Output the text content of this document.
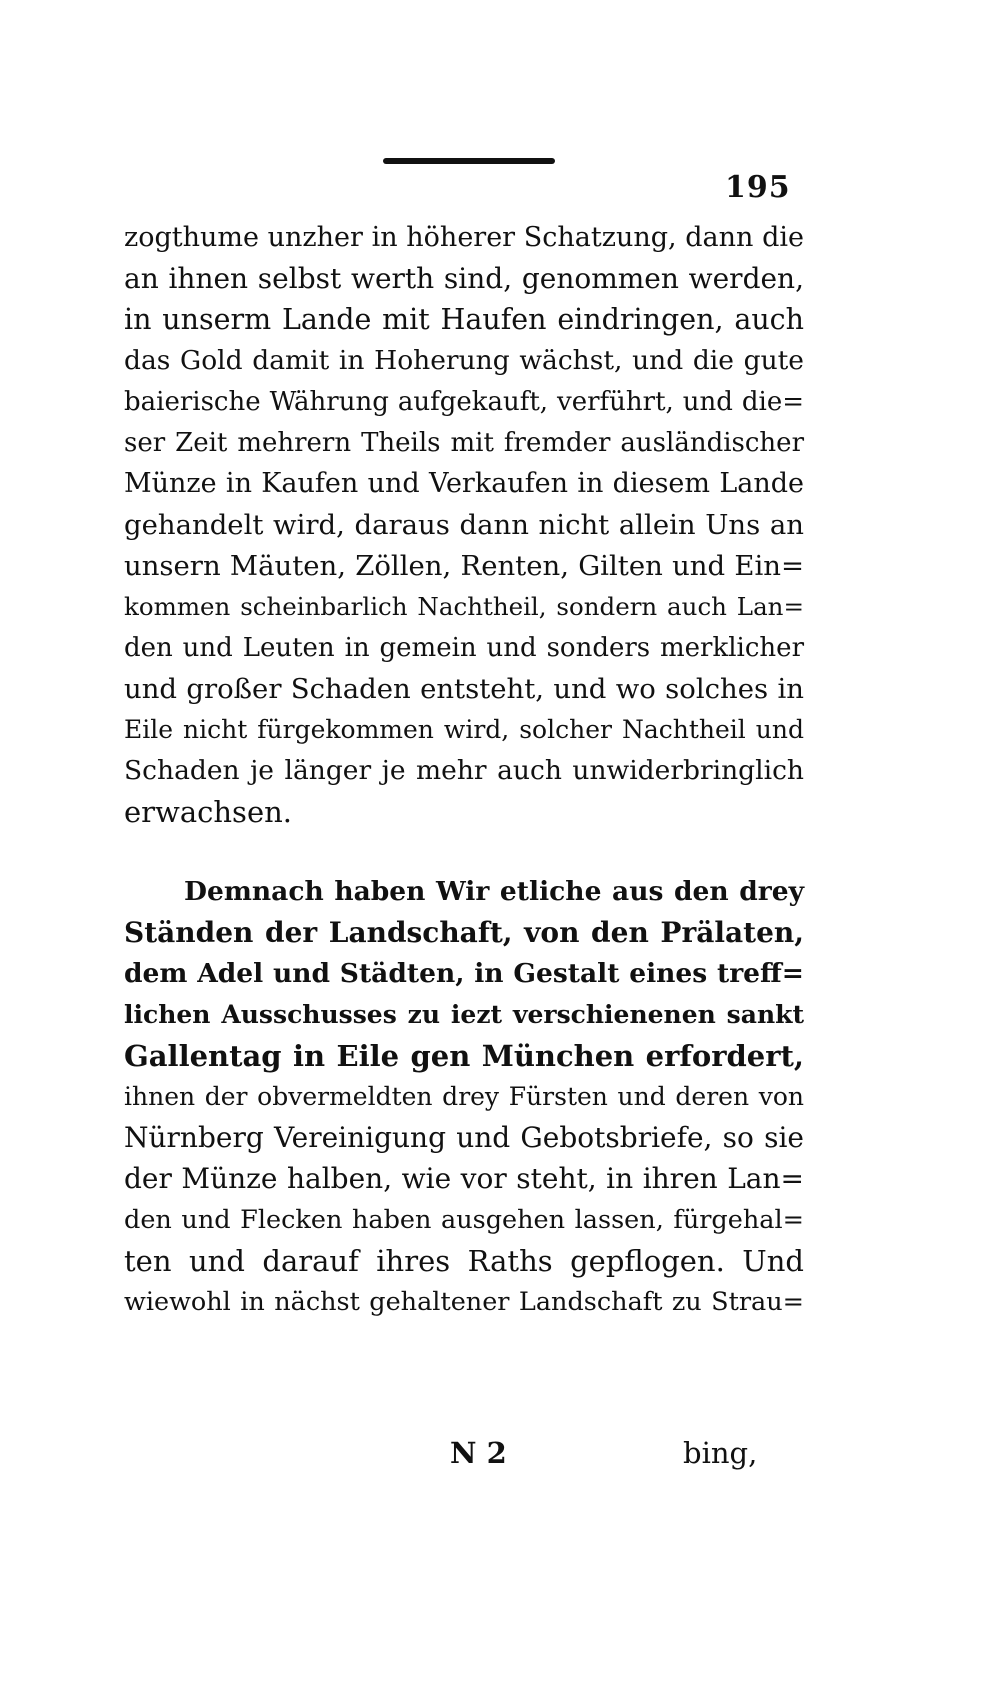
195
zogthume unzher in höherer Schatzung, dann die
an ihnen selbst werth sind, genommen werden,
in unserm Lande mit Haufen eindringen, auch
das Gold damit in Hoherung wächst, und die gute
baierische Währung aufgekauft, verführt, und die=
ser Zeit mehrern Theils mit fremder ausländischer
Münze in Kaufen und Verkaufen in diesem Lande
gehandelt wird, daraus dann nicht allein Uns an
unsern Mäuten, Zöllen, Renten, Gilten und Ein=
kommen scheinbarlich Nachtheil, sondern auch Lan=
den und Leuten in gemein und sonders merklicher
und großer Schaden entsteht, und wo solches in
Eile nicht fürgekommen wird, solcher Nachtheil und
Schaden je länger je mehr auch unwiderbringlich
erwachsen.
Demnach haben Wir etliche aus den drey
Ständen der Landschaft, von den Prälaten,
dem Adel und Städten, in Gestalt eines treff=
lichen Ausschusses zu iezt verschienenen sankt
Gallentag in Eile gen München erfordert,
ihnen der obvermeldten drey Fürsten und deren von
Nürnberg Vereinigung und Gebotsbriefe, so sie
der Münze halben, wie vor steht, in ihren Lan=
den und Flecken haben ausgehen lassen, fürgehal=
ten und darauf ihres Raths gepflogen. Und
wiewohl in nächst gehaltener Landschaft zu Strau=
N 2	bing,
